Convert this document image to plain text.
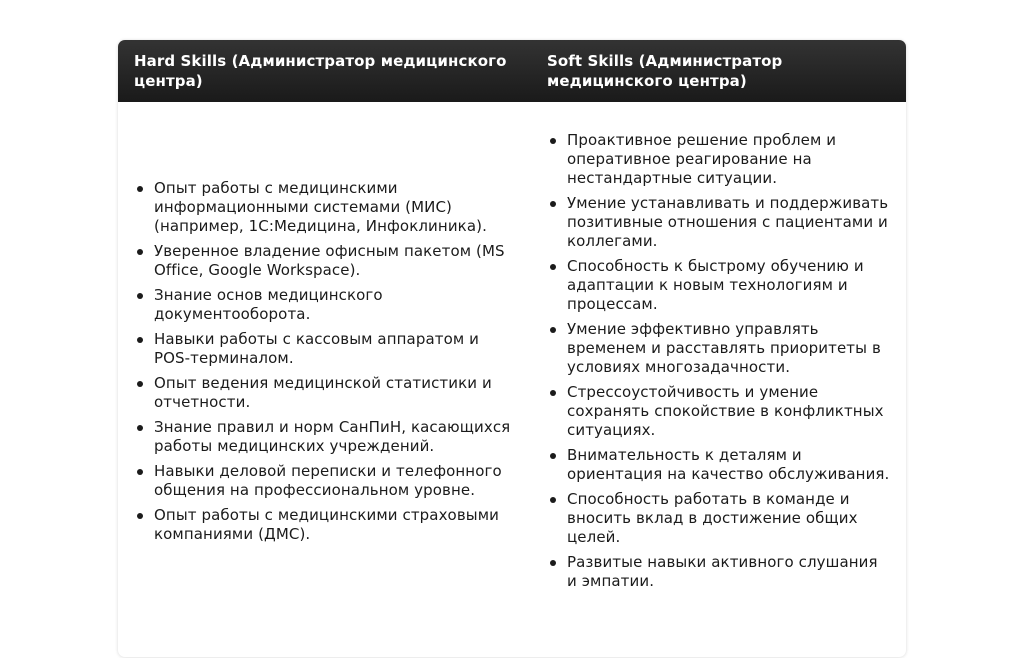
Hard Skills (Администратор медицинского центра)
Soft Skills (Администратор медицинского центра)
Опыт работы с медицинскими информационными системами (МИС) (например, 1С:Медицина, Инфоклиника).
Уверенное владение офисным пакетом (MS Office, Google Workspace).
Знание основ медицинского документооборота.
Навыки работы с кассовым аппаратом и POS-терминалом.
Опыт ведения медицинской статистики и отчетности.
Знание правил и норм СанПиН, касающихся работы медицинских учреждений.
Навыки деловой переписки и телефонного общения на профессиональном уровне.
Опыт работы с медицинскими страховыми компаниями (ДМС).
Проактивное решение проблем и оперативное реагирование на нестандартные ситуации.
Умение устанавливать и поддерживать позитивные отношения с пациентами и коллегами.
Способность к быстрому обучению и адаптации к новым технологиям и процессам.
Умение эффективно управлять временем и расставлять приоритеты в условиях многозадачности.
Стрессоустойчивость и умение сохранять спокойствие в конфликтных ситуациях.
Внимательность к деталям и ориентация на качество обслуживания.
Способность работать в команде и вносить вклад в достижение общих целей.
Развитые навыки активного слушания и эмпатии.
